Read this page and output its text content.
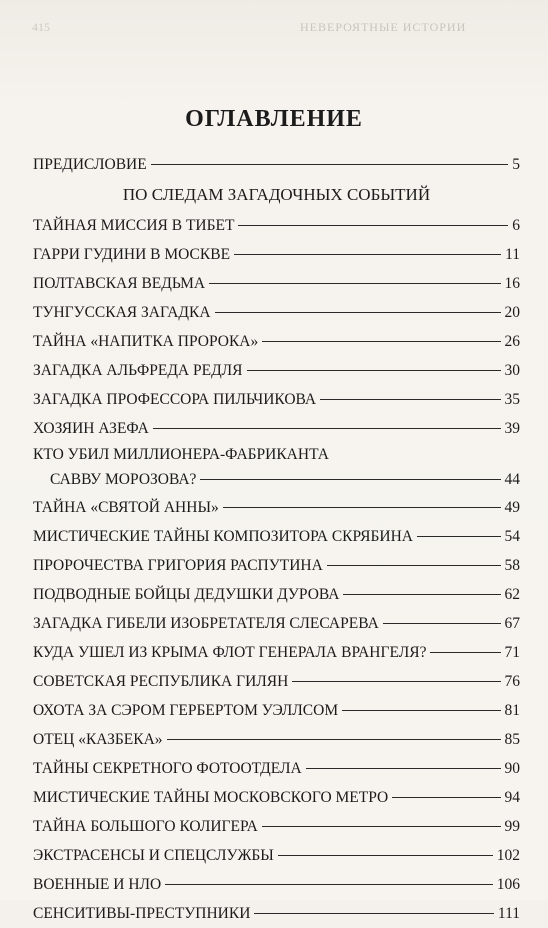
415	НЕВЕРОЯТНЫЕ ИСТОРИИ
ОГЛАВЛЕНИЕ
ПРЕДИСЛОВИЕ	5
ПО СЛЕДАМ ЗАГАДОЧНЫХ СОБЫТИЙ
ТАЙНАЯ МИССИЯ В ТИБЕТ	6
ГАРРИ ГУДИНИ В МОСКВЕ	11
ПОЛТАВСКАЯ ВЕДЬМА	16
ТУНГУССКАЯ ЗАГАДКА	20
ТАЙНА «НАПИТКА ПРОРОКА»	26
ЗАГАДКА АЛЬФРЕДА РЕДЛЯ	30
ЗАГАДКА ПРОФЕССОРА ПИЛЬЧИКОВА	35
ХОЗЯИН АЗЕФА	39
КТО УБИЛ МИЛЛИОНЕРА-ФАБРИКАНТА
САВВУ МОРОЗОВА?	44
ТАЙНА «СВЯТОЙ АННЫ»	49
МИСТИЧЕСКИЕ ТАЙНЫ КОМПОЗИТОРА СКРЯБИНА	54
ПРОРОЧЕСТВА ГРИГОРИЯ РАСПУТИНА	58
ПОДВОДНЫЕ БОЙЦЫ ДЕДУШКИ ДУРОВА	62
ЗАГАДКА ГИБЕЛИ ИЗОБРЕТАТЕЛЯ СЛЕСАРЕВА	67
КУДА УШЕЛ ИЗ КРЫМА ФЛОТ ГЕНЕРАЛА ВРАНГЕЛЯ?	71
СОВЕТСКАЯ РЕСПУБЛИКА ГИЛЯН	76
ОХОТА ЗА СЭРОМ ГЕРБЕРТОМ УЭЛЛСОМ	81
ОТЕЦ «КАЗБЕКА»	85
ТАЙНЫ СЕКРЕТНОГО ФОТООТДЕЛА	90
МИСТИЧЕСКИЕ ТАЙНЫ МОСКОВСКОГО МЕТРО	94
ТАЙНА БОЛЬШОГО КОЛИГЕРА	99
ЭКСТРАСЕНСЫ И СПЕЦСЛУЖБЫ	102
ВОЕННЫЕ И НЛО	106
СЕНСИТИВЫ-ПРЕСТУПНИКИ	111
